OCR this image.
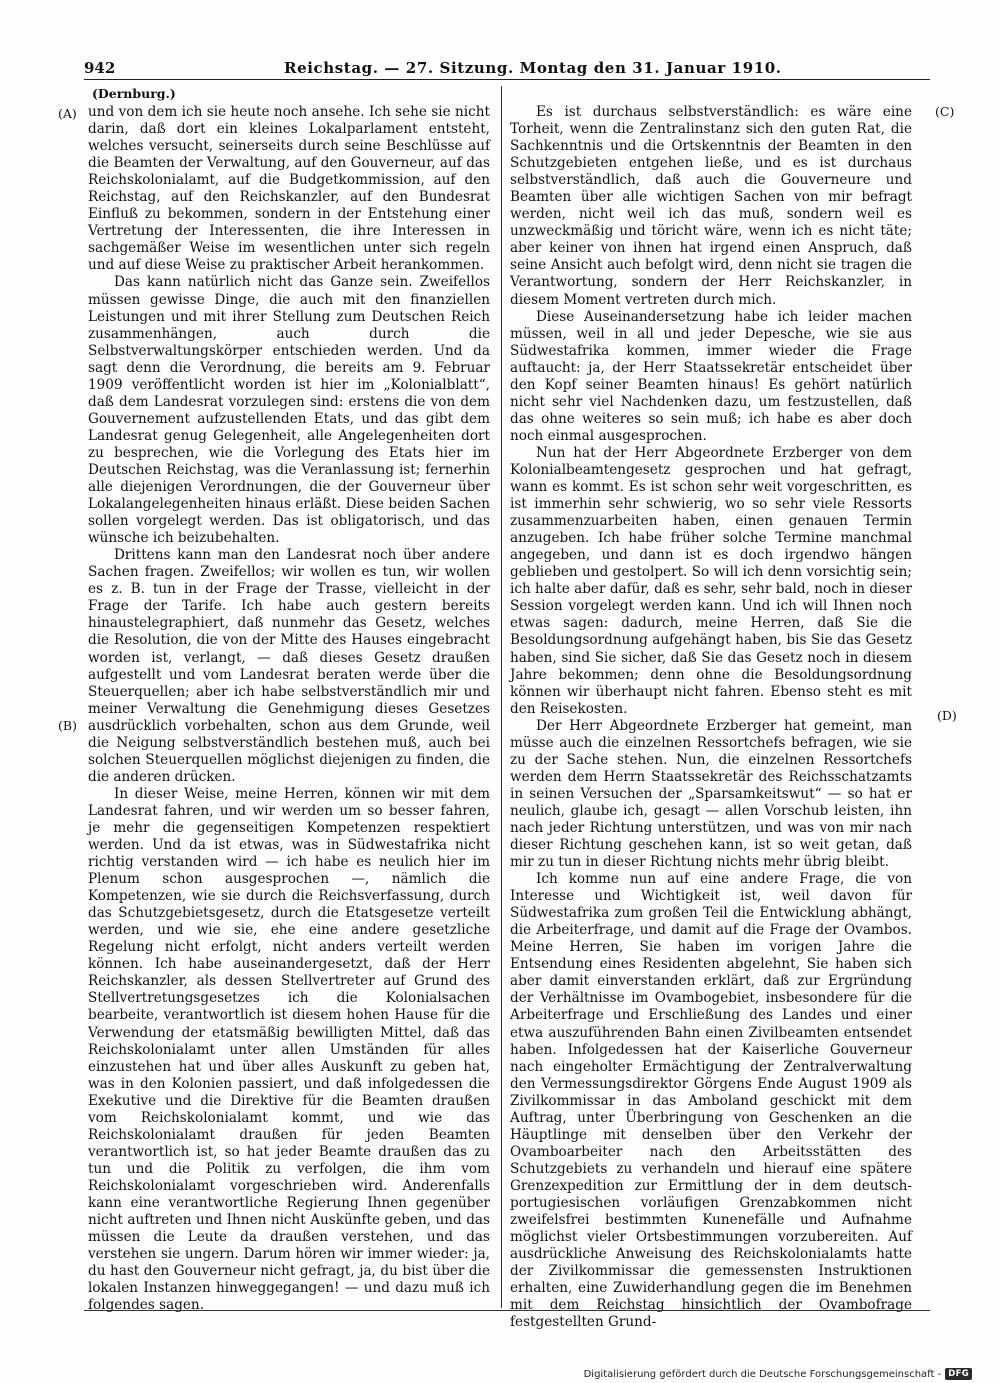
942	Reichstag. — 27. Sitzung. Montag den 31. Januar 1910.
(Dernburg.)
(A)
(B)
(C)
(D)

und von dem ich sie heute noch ansehe. Ich sehe sie nicht darin, daß dort ein kleines Lokalparlament entsteht, welches versucht, seinerseits durch seine Beschlüsse auf die Beamten der Verwaltung, auf den Gouverneur, auf das Reichskolonialamt, auf die Budgetkommission, auf den Reichstag, auf den Reichskanzler, auf den Bundesrat Einfluß zu bekommen, sondern in der Entstehung einer Vertretung der Interessenten, die ihre Interessen in sachgemäßer Weise im wesentlichen unter sich regeln und auf diese Weise zu praktischer Arbeit herankommen.

Das kann natürlich nicht das Ganze sein. Zweifellos müssen gewisse Dinge, die auch mit den finanziellen Leistungen und mit ihrer Stellung zum Deutschen Reich zusammenhängen, auch durch die Selbstverwaltungskörper entschieden werden. Und da sagt denn die Verordnung, die bereits am 9. Februar 1909 veröffentlicht worden ist hier im „Kolonialblatt“, daß dem Landesrat vorzulegen sind: erstens die von dem Gouvernement aufzustellenden Etats, und das gibt dem Landesrat genug Gelegenheit, alle Angelegenheiten dort zu besprechen, wie die Vorlegung des Etats hier im Deutschen Reichstag, was die Veranlassung ist; fernerhin alle diejenigen Verordnungen, die der Gouverneur über Lokalangelegenheiten hinaus erläßt. Diese beiden Sachen sollen vorgelegt werden. Das ist obligatorisch, und das wünsche ich beizubehalten.

Drittens kann man den Landesrat noch über andere Sachen fragen. Zweifellos; wir wollen es tun, wir wollen es z. B. tun in der Frage der Trasse, vielleicht in der Frage der Tarife. Ich habe auch gestern bereits hinaustelegraphiert, daß nunmehr das Gesetz, welches die Resolution, die von der Mitte des Hauses eingebracht worden ist, verlangt, — daß dieses Gesetz draußen aufgestellt und vom Landesrat beraten werde über die Steuerquellen; aber ich habe selbstverständlich mir und meiner Verwaltung die Genehmigung dieses Gesetzes ausdrücklich vorbehalten, schon aus dem Grunde, weil die Neigung selbstverständlich bestehen muß, auch bei solchen Steuerquellen möglichst diejenigen zu finden, die die anderen drücken.

In dieser Weise, meine Herren, können wir mit dem Landesrat fahren, und wir werden um so besser fahren, je mehr die gegenseitigen Kompetenzen respektiert werden. Und da ist etwas, was in Südwestafrika nicht richtig verstanden wird — ich habe es neulich hier im Plenum schon ausgesprochen —, nämlich die Kompetenzen, wie sie durch die Reichsverfassung, durch das Schutzgebietsgesetz, durch die Etatsgesetze verteilt werden, und wie sie, ehe eine andere gesetzliche Regelung nicht erfolgt, nicht anders verteilt werden können. Ich habe auseinandergesetzt, daß der Herr Reichskanzler, als dessen Stellvertreter auf Grund des Stellvertretungsgesetzes ich die Kolonialsachen bearbeite, verantwortlich ist diesem hohen Hause für die Verwendung der etatsmäßig bewilligten Mittel, daß das Reichskolonialamt unter allen Umständen für alles einzustehen hat und über alles Auskunft zu geben hat, was in den Kolonien passiert, und daß infolgedessen die Exekutive und die Direktive für die Beamten draußen vom Reichskolonialamt kommt, und wie das Reichskolonialamt draußen für jeden Beamten verantwortlich ist, so hat jeder Beamte draußen das zu tun und die Politik zu verfolgen, die ihm vom Reichskolonialamt vorgeschrieben wird. Anderenfalls kann eine verantwortliche Regierung Ihnen gegenüber nicht auftreten und Ihnen nicht Auskünfte geben, und das müssen die Leute da draußen verstehen, und das verstehen sie ungern. Darum hören wir immer wieder: ja, du hast den Gouverneur nicht gefragt, ja, du bist über die lokalen Instanzen hinweggegangen! — und dazu muß ich folgendes sagen.

Es ist durchaus selbstverständlich: es wäre eine Torheit, wenn die Zentralinstanz sich den guten Rat, die Sachkenntnis und die Ortskenntnis der Beamten in den Schutzgebieten entgehen ließe, und es ist durchaus selbstverständlich, daß auch die Gouverneure und Beamten über alle wichtigen Sachen von mir befragt werden, nicht weil ich das muß, sondern weil es unzweckmäßig und töricht wäre, wenn ich es nicht täte; aber keiner von ihnen hat irgend einen Anspruch, daß seine Ansicht auch befolgt wird, denn nicht sie tragen die Verantwortung, sondern der Herr Reichskanzler, in diesem Moment vertreten durch mich.

Diese Auseinandersetzung habe ich leider machen müssen, weil in all und jeder Depesche, wie sie aus Südwestafrika kommen, immer wieder die Frage auftaucht: ja, der Herr Staatssekretär entscheidet über den Kopf seiner Beamten hinaus! Es gehört natürlich nicht sehr viel Nachdenken dazu, um festzustellen, daß das ohne weiteres so sein muß; ich habe es aber doch noch einmal ausgesprochen.

Nun hat der Herr Abgeordnete Erzberger von dem Kolonialbeamtengesetz gesprochen und hat gefragt, wann es kommt. Es ist schon sehr weit vorgeschritten, es ist immerhin sehr schwierig, wo so sehr viele Ressorts zusammenzuarbeiten haben, einen genauen Termin anzugeben. Ich habe früher solche Termine manchmal angegeben, und dann ist es doch irgendwo hängen geblieben und gestolpert. So will ich denn vorsichtig sein; ich halte aber dafür, daß es sehr, sehr bald, noch in dieser Session vorgelegt werden kann. Und ich will Ihnen noch etwas sagen: dadurch, meine Herren, daß Sie die Besoldungsordnung aufgehängt haben, bis Sie das Gesetz haben, sind Sie sicher, daß Sie das Gesetz noch in diesem Jahre bekommen; denn ohne die Besoldungsordnung können wir überhaupt nicht fahren. Ebenso steht es mit den Reisekosten.

Der Herr Abgeordnete Erzberger hat gemeint, man müsse auch die einzelnen Ressortchefs befragen, wie sie zu der Sache stehen. Nun, die einzelnen Ressortchefs werden dem Herrn Staatssekretär des Reichsschatzamts in seinen Versuchen der „Sparsamkeitswut“ — so hat er neulich, glaube ich, gesagt — allen Vorschub leisten, ihn nach jeder Richtung unterstützen, und was von mir nach dieser Richtung geschehen kann, ist so weit getan, daß mir zu tun in dieser Richtung nichts mehr übrig bleibt.

Ich komme nun auf eine andere Frage, die von Interesse und Wichtigkeit ist, weil davon für Südwestafrika zum großen Teil die Entwicklung abhängt, die Arbeiterfrage, und damit auf die Frage der Ovambos. Meine Herren, Sie haben im vorigen Jahre die Entsendung eines Residenten abgelehnt, Sie haben sich aber damit einverstanden erklärt, daß zur Ergründung der Verhältnisse im Ovambogebiet, insbesondere für die Arbeiterfrage und Erschließung des Landes und einer etwa auszuführenden Bahn einen Zivilbeamten entsendet haben. Infolgedessen hat der Kaiserliche Gouverneur nach eingeholter Ermächtigung der Zentralverwaltung den Vermessungsdirektor Görgens Ende August 1909 als Zivilkommissar in das Amboland geschickt mit dem Auftrag, unter Überbringung von Geschenken an die Häuptlinge mit denselben über den Verkehr der Ovamboarbeiter nach den Arbeitsstätten des Schutzgebiets zu verhandeln und hierauf eine spätere Grenzexpedition zur Ermittlung der in dem deutsch-portugiesischen vorläufigen Grenzabkommen nicht zweifelsfrei bestimmten Kunenefälle und Aufnahme möglichst vieler Ortsbestimmungen vorzubereiten. Auf ausdrückliche Anweisung des Reichskolonialamts hatte der Zivilkommissar die gemessensten Instruktionen erhalten, eine Zuwiderhandlung gegen die im Benehmen mit dem Reichstag hinsichtlich der Ovambofrage festgestellten Grund-

Digitalisierung gefördert durch die Deutsche Forschungsgemeinschaft - DFG
